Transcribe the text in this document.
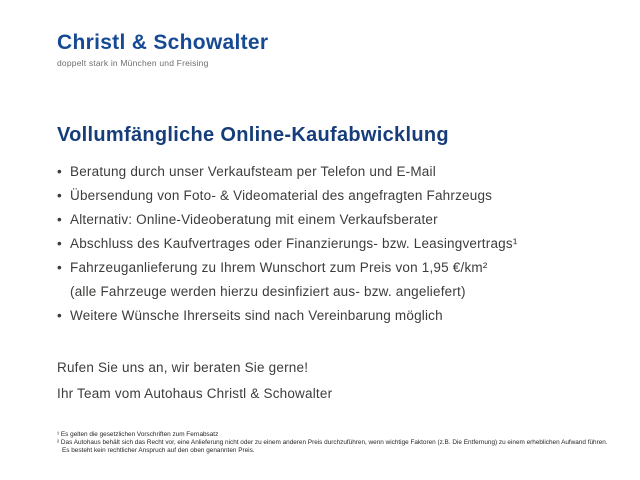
Christl & Schowalter
doppelt stark in München und Freising
Vollumfängliche Online-Kaufabwicklung
• Beratung durch unser Verkaufsteam per Telefon und E-Mail
• Übersendung von Foto- & Videomaterial des angefragten Fahrzeugs
• Alternativ: Online-Videoberatung mit einem Verkaufsberater
• Abschluss des Kaufvertrages oder Finanzierungs- bzw. Leasingvertrags¹
• Fahrzeuganlieferung zu Ihrem Wunschort zum Preis von 1,95 €/km²
(alle Fahrzeuge werden hierzu desinfiziert aus- bzw. angeliefert)
• Weitere Wünsche Ihrerseits sind nach Vereinbarung möglich

Rufen Sie uns an, wir beraten Sie gerne!

Ihr Team vom Autohaus Christl & Schowalter

¹ Es gelten die gesetzlichen Vorschriften zum Fernabsatz
² Das Autohaus behält sich das Recht vor, eine Anlieferung nicht oder zu einem anderen Preis durchzuführen, wenn wichtige Faktoren (z.B. Die Entfernung) zu einem erheblichen Aufwand führen.
Es besteht kein rechtlicher Anspruch auf den oben genannten Preis.
